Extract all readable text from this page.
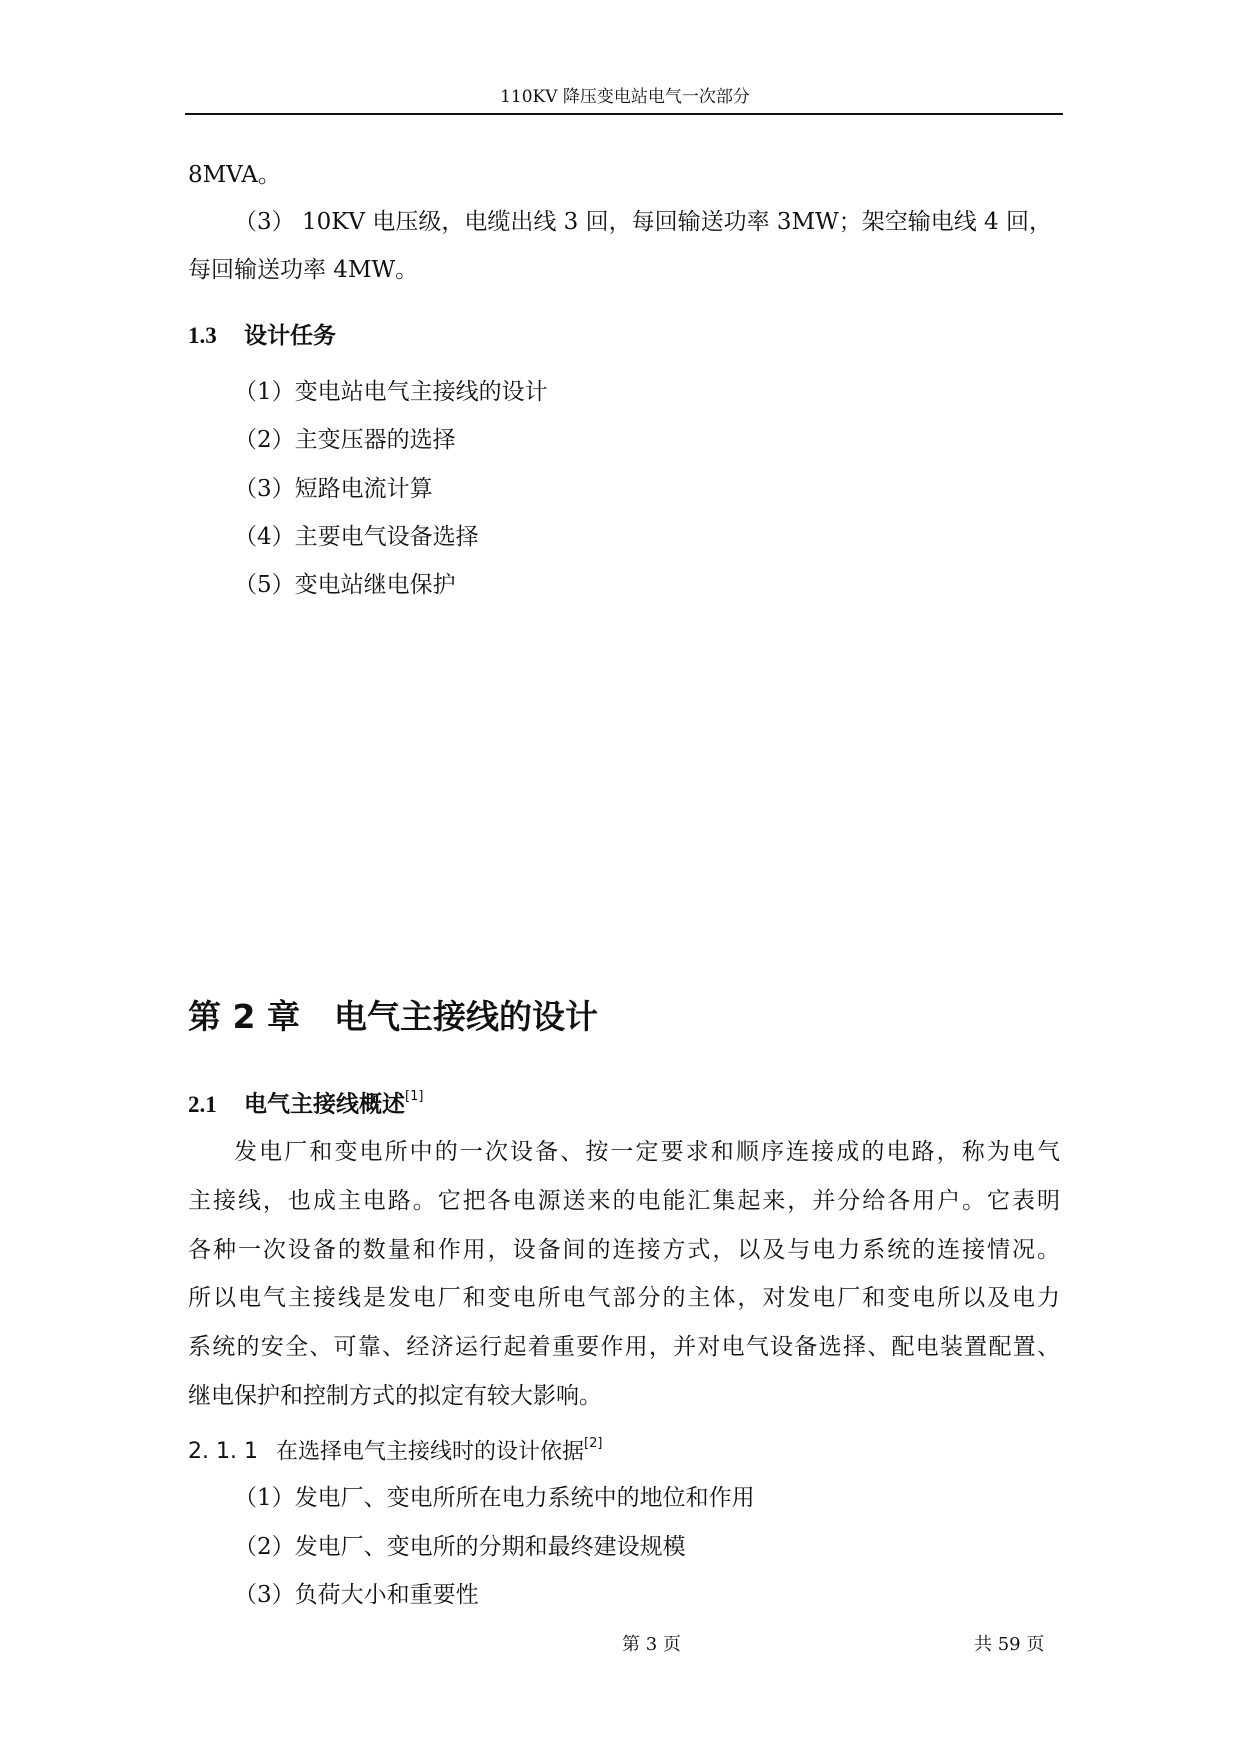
110KV 降压变电站电气一次部分
8MVA。
（3） 10KV 电压级，电缆出线 3 回，每回输送功率 3MW；架空输电线 4 回，
每回输送功率 4MW。
1.3 设计任务
（1）变电站电气主接线的设计
（2）主变压器的选择
（3）短路电流计算
（4）主要电气设备选择
（5）变电站继电保护
第 2 章 电气主接线的设计
2.1 电气主接线概述[1]
发电厂和变电所中的一次设备、按一定要求和顺序连接成的电路，称为电气
主接线，也成主电路。它把各电源送来的电能汇集起来，并分给各用户。它表明
各种一次设备的数量和作用，设备间的连接方式，以及与电力系统的连接情况。
所以电气主接线是发电厂和变电所电气部分的主体，对发电厂和变电所以及电力
系统的安全、可靠、经济运行起着重要作用，并对电气设备选择、配电装置配置、
继电保护和控制方式的拟定有较大影响。
2. 1. 1 在选择电气主接线时的设计依据[2]
（1）发电厂、变电所所在电力系统中的地位和作用
（2）发电厂、变电所的分期和最终建设规模
（3）负荷大小和重要性
第 3 页	共 59 页
